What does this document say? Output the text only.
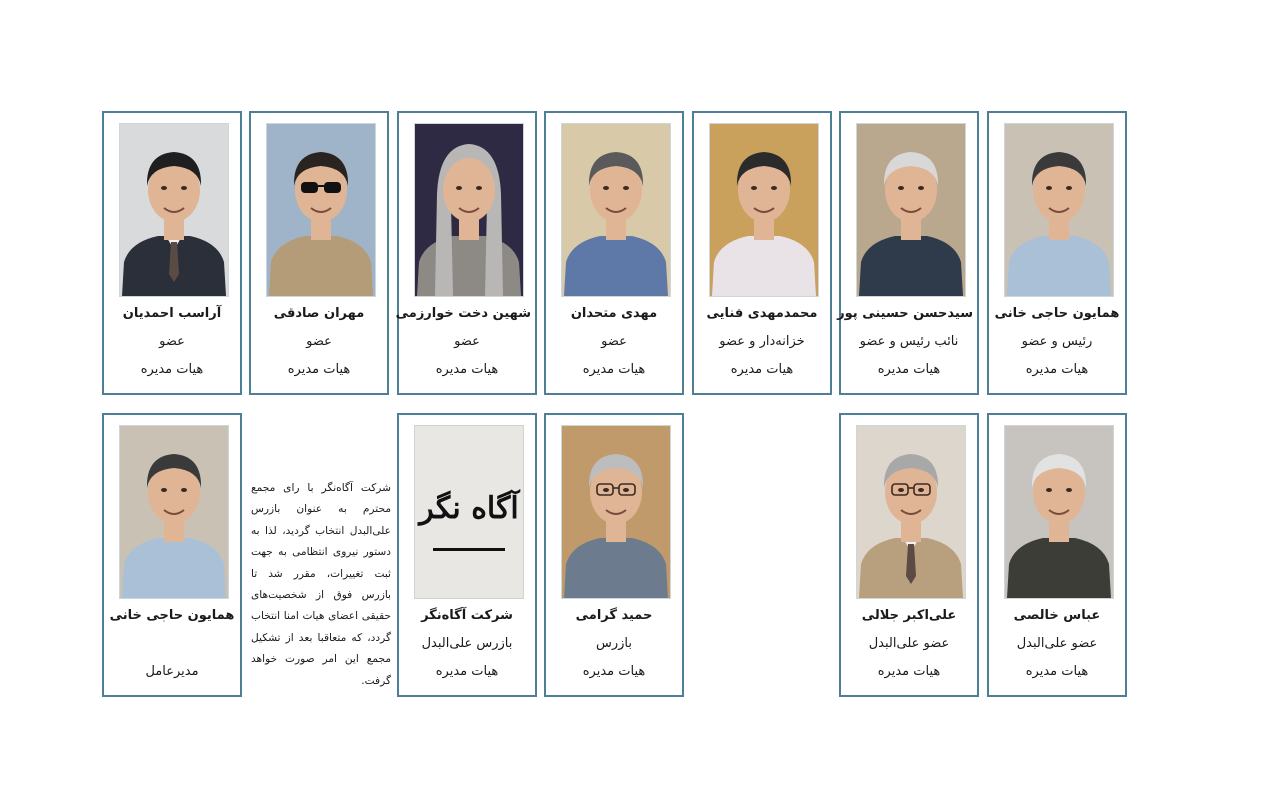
همایون حاجی خانی
رئیس و عضو
هیات مدیره
سیدحسن حسینی پور
نائب رئیس و عضو
هیات مدیره
محمدمهدی فنایی
خزانه‌دار و عضو
هیات مدیره
مهدی متحدان
عضو
هیات مدیره
شهین دخت خوارزمی
عضو
هیات مدیره
مهران صادقی
عضو
هیات مدیره
آراسب احمدیان
عضو
هیات مدیره
عباس خالصی
عضو علی‌البدل
هیات مدیره
علی‌اکبر جلالی
عضو علی‌البدل
هیات مدیره
حمید گرامی
بازرس
هیات مدیره
آگاه نگر
شرکت آگاه‌نگر
بازرس علی‌البدل
هیات مدیره
شرکت آگاه‌نگر با رای مجمع محترم به عنوان بازرس علی‌البدل انتخاب گردید، لذا به دستور نیروی انتظامی به جهت ثبت تغییرات، مقرر شد تا بازرس فوق از شخصیت‌های حقیقی اعضای هیات امنا انتخاب گردد، که متعاقبا بعد از تشکیل مجمع این امر صورت خواهد گرفت.
همایون حاجی خانی
مدیرعامل
